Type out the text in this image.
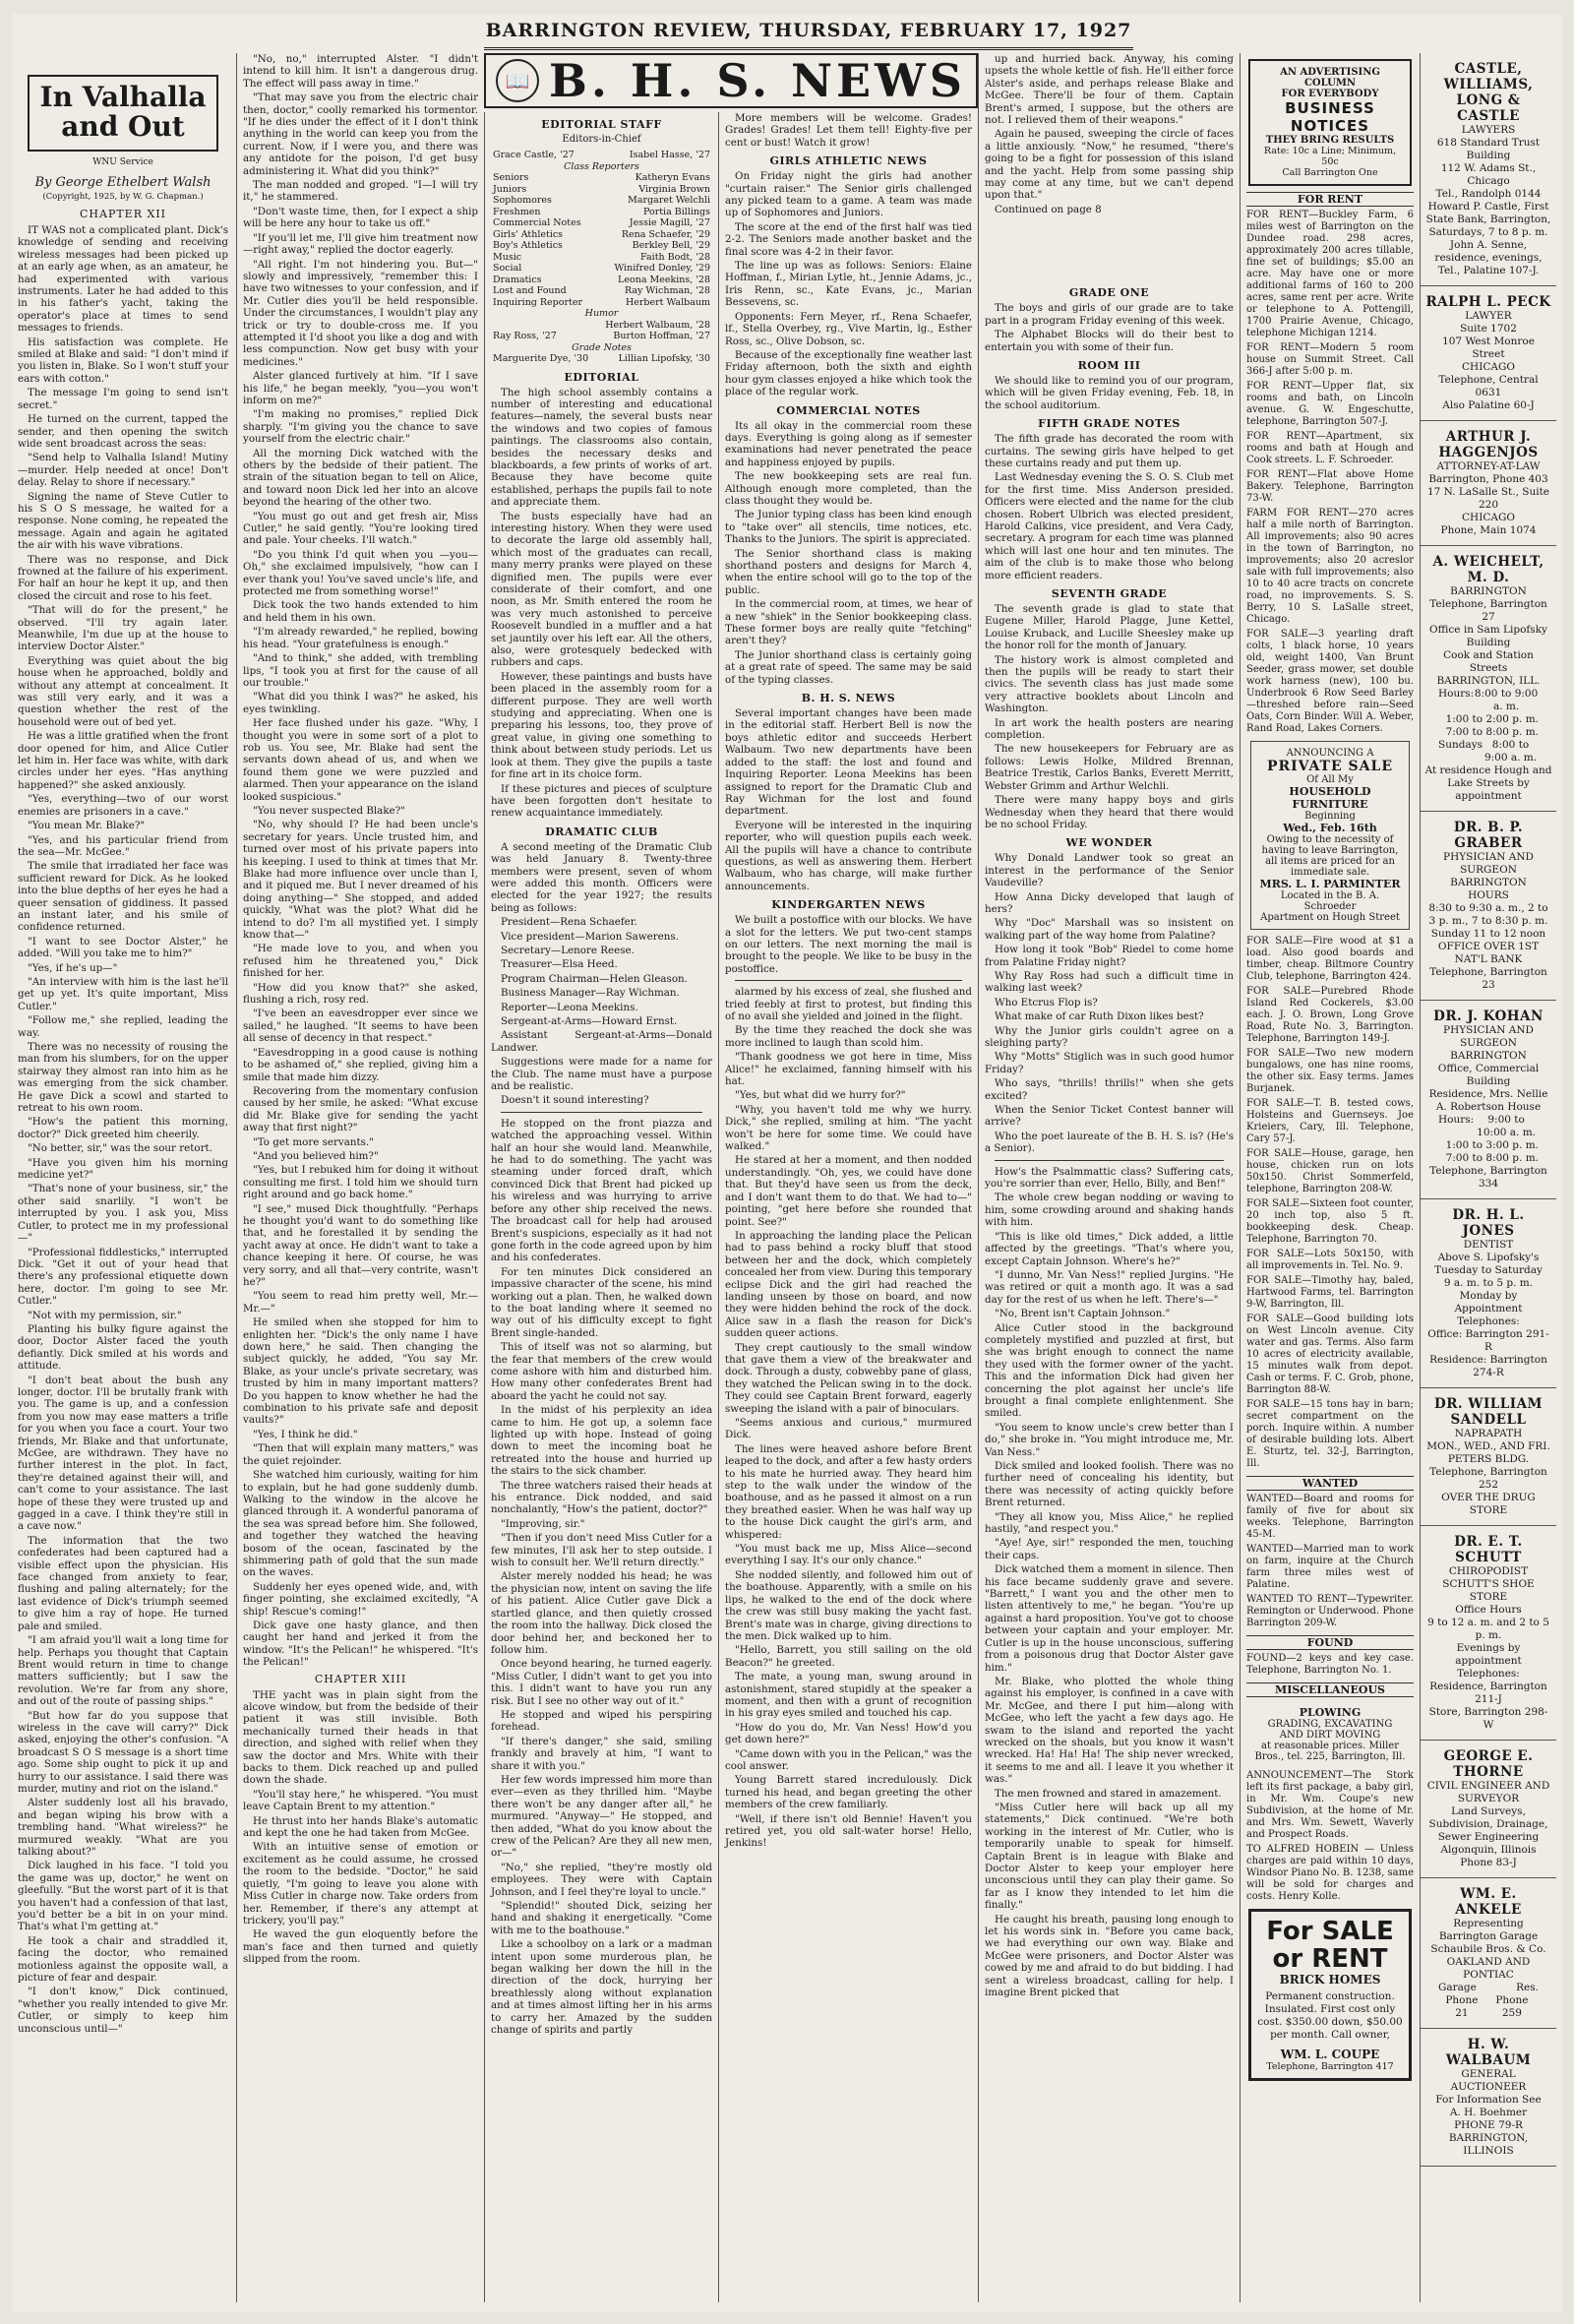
BARRINGTON REVIEW, THURSDAY, FEBRUARY 17, 1927
In Valhalla and Out
WNU Service
By George Ethelbert Walsh
(Copyright, 1925, by W. G. Chapman.)
CHAPTER XII

IT WAS not a complicated plant. Dick's knowledge of sending and receiving wireless messages had been picked up at an early age when, as an amateur, he had experimented with various instruments. Later he had added to this in his father's yacht, taking the operator's place at times to send messages to friends.

His satisfaction was complete. He smiled at Blake and said: "I don't mind if you listen in, Blake. So I won't stuff your ears with cotton."

The message I'm going to send isn't secret."

He turned on the current, tapped the sender, and then opening the switch wide sent broadcast across the seas:

"Send help to Valhalla Island! Mutiny—murder. Help needed at once! Don't delay. Relay to shore if necessary."

Signing the name of Steve Cutler to his S O S message, he waited for a response. None coming, he repeated the message. Again and again he agitated the air with his wave vibrations.

There was no response, and Dick frowned at the failure of his experiment. For half an hour he kept it up, and then closed the circuit and rose to his feet.

"That will do for the present," he observed. "I'll try again later. Meanwhile, I'm due up at the house to interview Doctor Alster."

Everything was quiet about the big house when he approached, boldly and without any attempt at concealment. It was still very early, and it was a question whether the rest of the household were out of bed yet.

He was a little gratified when the front door opened for him, and Alice Cutler let him in. Her face was white, with dark circles under her eyes. "Has anything happened?" she asked anxiously.

"Yes, everything—two of our worst enemies are prisoners in a cave."

"You mean Mr. Blake?"

"Yes, and his particular friend from the sea—Mr. McGee."

The smile that irradiated her face was sufficient reward for Dick. As he looked into the blue depths of her eyes he had a queer sensation of giddiness. It passed an instant later, and his smile of confidence returned.

"I want to see Doctor Alster," he added. "Will you take me to him?"

"Yes, if he's up—"

"An interview with him is the last he'll get up yet. It's quite important, Miss Cutler."

"Follow me," she replied, leading the way.

There was no necessity of rousing the man from his slumbers, for on the upper stairway they almost ran into him as he was emerging from the sick chamber. He gave Dick a scowl and started to retreat to his own room.

"How's the patient this morning, doctor?" Dick greeted him cheerily.

"No better, sir," was the sour retort.

"Have you given him his morning medicine yet?"

"That's none of your business, sir," the other said snarlily. "I won't be interrupted by you. I ask you, Miss Cutler, to protect me in my professional—"

"Professional fiddlesticks," interrupted Dick. "Get it out of your head that there's any professional etiquette down here, doctor. I'm going to see Mr. Cutler."

"Not with my permission, sir."

Planting his bulky figure against the door, Doctor Alster faced the youth defiantly. Dick smiled at his words and attitude.

"I don't beat about the bush any longer, doctor. I'll be brutally frank with you. The game is up, and a confession from you now may ease matters a trifle for you when you face a court. Your two friends, Mr. Blake and that unfortunate, McGee, are withdrawn. They have no further interest in the plot. In fact, they're detained against their will, and can't come to your assistance. The last hope of these they were trusted up and gagged in a cave. I think they're still in a cave now."

The information that the two confederates had been captured had a visible effect upon the physician. His face changed from anxiety to fear, flushing and paling alternately; for the last evidence of Dick's triumph seemed to give him a ray of hope. He turned pale and smiled.

"I am afraid you'll wait a long time for help. Perhaps you thought that Captain Brent would return in time to change matters sufficiently; but I saw the revolution. We're far from any shore, and out of the route of passing ships."

"But how far do you suppose that wireless in the cave will carry?" Dick asked, enjoying the other's confusion. "A broadcast S O S message is a short time ago. Some ship ought to pick it up and hurry to our assistance. I said there was murder, mutiny and riot on the island."

Alster suddenly lost all his bravado, and began wiping his brow with a trembling hand. "What wireless?" he murmured weakly. "What are you talking about?"

Dick laughed in his face. "I told you the game was up, doctor," he went on gleefully. "But the worst part of it is that you haven't had a confession of that last, you'd better be a bit in on your mind. That's what I'm getting at."

He took a chair and straddled it, facing the doctor, who remained motionless against the opposite wall, a picture of fear and despair.

"I don't know," Dick continued, "whether you really intended to give Mr. Cutler, or simply to keep him unconscious until—"

"No, no," interrupted Alster. "I didn't intend to kill him. It isn't a dangerous drug. The effect will pass away in time."

"That may save you from the electric chair then, doctor," coolly remarked his tormentor. "If he dies under the effect of it I don't think anything in the world can keep you from the current. Now, if I were you, and there was any antidote for the poison, I'd get busy administering it. What did you think?"

The man nodded and groped. "I—I will try it," he stammered.

"Don't waste time, then, for I expect a ship will be here any hour to take us off."

"If you'll let me, I'll give him treatment now—right away," replied the doctor eagerly.

"All right. I'm not hindering you. But—" slowly and impressively, "remember this: I have two witnesses to your confession, and if Mr. Cutler dies you'll be held responsible. Under the circumstances, I wouldn't play any trick or try to double-cross me. If you attempted it I'd shoot you like a dog and with less compunction. Now get busy with your medicines."

Alster glanced furtively at him. "If I save his life," he began meekly, "you—you won't inform on me?"

"I'm making no promises," replied Dick sharply. "I'm giving you the chance to save yourself from the electric chair."

All the morning Dick watched with the others by the bedside of their patient. The strain of the situation began to tell on Alice, and toward noon Dick led her into an alcove beyond the hearing of the other two.

"You must go out and get fresh air, Miss Cutler," he said gently. "You're looking tired and pale. Your cheeks. I'll watch."

"Do you think I'd quit when you —you—Oh," she exclaimed impulsively, "how can I ever thank you! You've saved uncle's life, and protected me from something worse!"

Dick took the two hands extended to him and held them in his own.

"I'm already rewarded," he replied, bowing his head. "Your gratefulness is enough."

"And to think," she added, with trembling lips, "I took you at first for the cause of all our trouble."

"What did you think I was?" he asked, his eyes twinkling.

Her face flushed under his gaze. "Why, I thought you were in some sort of a plot to rob us. You see, Mr. Blake had sent the servants down ahead of us, and when we found them gone we were puzzled and alarmed. Then your appearance on the island looked suspicious."

"You never suspected Blake?"

"No, why should I? He had been uncle's secretary for years. Uncle trusted him, and turned over most of his private papers into his keeping. I used to think at times that Mr. Blake had more influence over uncle than I, and it piqued me. But I never dreamed of his doing anything—" She stopped, and added quickly, "What was the plot? What did he intend to do? I'm all mystified yet. I simply know that—"

"He made love to you, and when you refused him he threatened you," Dick finished for her.

"How did you know that?" she asked, flushing a rich, rosy red.

"I've been an eavesdropper ever since we sailed," he laughed. "It seems to have been all sense of decency in that respect."

"Eavesdropping in a good cause is nothing to be ashamed of," she replied, giving him a smile that made him dizzy.

Recovering from the momentary confusion caused by her smile, he asked: "What excuse did Mr. Blake give for sending the yacht away that first night?"

"To get more servants."

"And you believed him?"

"Yes, but I rebuked him for doing it without consulting me first. I told him we should turn right around and go back home."

"I see," mused Dick thoughtfully. "Perhaps he thought you'd want to do something like that, and he forestalled it by sending the yacht away at once. He didn't want to take a chance keeping it here. Of course, he was very sorry, and all that—very contrite, wasn't he?"

"You seem to read him pretty well, Mr.—Mr.—"

He smiled when she stopped for him to enlighten her. "Dick's the only name I have down here," he said. Then changing the subject quickly, he added, "You say Mr. Blake, as your uncle's private secretary, was trusted by him in many important matters? Do you happen to know whether he had the combination to his private safe and deposit vaults?"

"Yes, I think he did."

"Then that will explain many matters," was the quiet rejoinder.

She watched him curiously, waiting for him to explain, but he had gone suddenly dumb. Walking to the window in the alcove he glanced through it. A wonderful panorama of the sea was spread before him. She followed, and together they watched the heaving bosom of the ocean, fascinated by the shimmering path of gold that the sun made on the waves.

Suddenly her eyes opened wide, and, with finger pointing, she exclaimed excitedly, "A ship! Rescue's coming!"

Dick gave one hasty glance, and then caught her hand and jerked it from the window. "It's the Pelican!" he whispered. "It's the Pelican!"

CHAPTER XIII

THE yacht was in plain sight from the alcove window, but from the bedside of their patient it was still invisible. Both mechanically turned their heads in that direction, and sighed with relief when they saw the doctor and Mrs. White with their backs to them. Dick reached up and pulled down the shade.

"You'll stay here," he whispered. "You must leave Captain Brent to my attention."

He thrust into her hands Blake's automatic and kept the one he had taken from McGee.

With an intuitive sense of emotion or excitement as he could assume, he crossed the room to the bedside. "Doctor," he said quietly, "I'm going to leave you alone with Miss Cutler in charge now. Take orders from her. Remember, if there's any attempt at trickery, you'll pay."

He waved the gun eloquently before the man's face and then turned and quietly slipped from the room.

📖 B. H. S. NEWS
EDITORIAL STAFF
Editors-in-Chief
Grace Castle, '27	Isabel Hasse, '27
Class Reporters	
Seniors	Katheryn Evans
Juniors	Virginia Brown
Sophomores	Margaret Welchli
Freshmen	Portia Billings
Commercial Notes	Jessie Magill, '27
Girls' Athletics	Rena Schaefer, '29
Boy's Athletics	Berkley Bell, '29
Music	Faith Bodt, '28
Social	Winifred Donley, '29
Dramatics	Leona Meekins, '28
Lost and Found	Ray Wichman, '28
Inquiring Reporter	Herbert Walbaum
Humor	
	Herbert Walbaum, '28
Ray Ross, '27	Burton Hoffman, '27
Grade Notes	
Marguerite Dye, '30	Lillian Lipofsky, '30
EDITORIAL

The high school assembly contains a number of interesting and educational features—namely, the several busts near the windows and two copies of famous paintings. The classrooms also contain, besides the necessary desks and blackboards, a few prints of works of art. Because they have become quite established, perhaps the pupils fail to note and appreciate them.

The busts especially have had an interesting history. When they were used to decorate the large old assembly hall, which most of the graduates can recall, many merry pranks were played on these dignified men. The pupils were ever considerate of their comfort, and one noon, as Mr. Smith entered the room he was very much astonished to perceive Roosevelt bundled in a muffler and a hat set jauntily over his left ear. All the others, also, were grotesquely bedecked with rubbers and caps.

However, these paintings and busts have been placed in the assembly room for a different purpose. They are well worth studying and appreciating. When one is preparing his lessons, too, they prove of great value, in giving one something to think about between study periods. Let us look at them. They give the pupils a taste for fine art in its choice form.

If these pictures and pieces of sculpture have been forgotten don't hesitate to renew acquaintance immediately.

DRAMATIC CLUB

A second meeting of the Dramatic Club was held January 8. Twenty-three members were present, seven of whom were added this month. Officers were elected for the year 1927; the results being as follows:

President—Rena Schaefer.

Vice president—Marion Sawerens.

Secretary—Lenore Reese.

Treasurer—Elsa Heed.

Program Chairman—Helen Gleason.

Business Manager—Ray Wichman.

Reporter—Leona Meekins.

Sergeant-at-Arms—Howard Ernst.

Assistant Sergeant-at-Arms—Donald Landwer.

Suggestions were made for a name for the Club. The name must have a purpose and be realistic.

Doesn't it sound interesting?

He stopped on the front piazza and watched the approaching vessel. Within half an hour she would land. Meanwhile, he had to do something. The yacht was steaming under forced draft, which convinced Dick that Brent had picked up his wireless and was hurrying to arrive before any other ship received the news. The broadcast call for help had aroused Brent's suspicions, especially as it had not gone forth in the code agreed upon by him and his confederates.

For ten minutes Dick considered an impassive character of the scene, his mind working out a plan. Then, he walked down to the boat landing where it seemed no way out of his difficulty except to fight Brent single-handed.

This of itself was not so alarming, but the fear that members of the crew would come ashore with him and disturbed him. How many other confederates Brent had aboard the yacht he could not say.

In the midst of his perplexity an idea came to him. He got up, a solemn face lighted up with hope. Instead of going down to meet the incoming boat he retreated into the house and hurried up the stairs to the sick chamber.

The three watchers raised their heads at his entrance. Dick nodded, and said nonchalantly, "How's the patient, doctor?"

"Improving, sir."

"Then if you don't need Miss Cutler for a few minutes, I'll ask her to step outside. I wish to consult her. We'll return directly."

Alster merely nodded his head; he was the physician now, intent on saving the life of his patient. Alice Cutler gave Dick a startled glance, and then quietly crossed the room into the hallway. Dick closed the door behind her, and beckoned her to follow him.

Once beyond hearing, he turned eagerly. "Miss Cutler, I didn't want to get you into this. I didn't want to have you run any risk. But I see no other way out of it."

He stopped and wiped his perspiring forehead.

"If there's danger," she said, smiling frankly and bravely at him, "I want to share it with you."

Her few words impressed him more than ever—even as they thrilled him. "Maybe there won't be any danger after all," he murmured. "Anyway—" He stopped, and then added, "What do you know about the crew of the Pelican? Are they all new men, or—"

"No," she replied, "they're mostly old employees. They were with Captain Johnson, and I feel they're loyal to uncle."

"Splendid!" shouted Dick, seizing her hand and shaking it energetically. "Come with me to the boathouse."

Like a schoolboy on a lark or a madman intent upon some murderous plan, he began walking her down the hill in the direction of the dock, hurrying her breathlessly along without explanation and at times almost lifting her in his arms to carry her. Amazed by the sudden change of spirits and partly

More members will be welcome. Grades! Grades! Grades! Let them tell! Eighty-five per cent or bust! Watch it grow!

GIRLS ATHLETIC NEWS

On Friday night the girls had another "curtain raiser." The Senior girls challenged any picked team to a game. A team was made up of Sophomores and Juniors.

The score at the end of the first half was tied 2-2. The Seniors made another basket and the final score was 4-2 in their favor.

The line up was as follows: Seniors: Elaine Hoffman, f., Mirian Lytle, ht., Jennie Adams, jc., Iris Renn, sc., Kate Evans, jc., Marian Bessevens, sc.

Opponents: Fern Meyer, rf., Rena Schaefer, lf., Stella Overbey, rg., Vive Martin, lg., Esther Ross, sc., Olive Dobson, sc.

Because of the exceptionally fine weather last Friday afternoon, both the sixth and eighth hour gym classes enjoyed a hike which took the place of the regular work.

COMMERCIAL NOTES

Its all okay in the commercial room these days. Everything is going along as if semester examinations had never penetrated the peace and happiness enjoyed by pupils.

The new bookkeeping sets are real fun. Although enough more completed, than the class thought they would be.

The Junior typing class has been kind enough to "take over" all stencils, time notices, etc. Thanks to the Juniors. The spirit is appreciated.

The Senior shorthand class is making shorthand posters and designs for March 4, when the entire school will go to the top of the public.

In the commercial room, at times, we hear of a new "shiek" in the Senior bookkeeping class. These former boys are really quite "fetching" aren't they?

The Junior shorthand class is certainly going at a great rate of speed. The same may be said of the typing classes.

B. H. S. NEWS

Several important changes have been made in the editorial staff. Herbert Bell is now the boys athletic editor and succeeds Herbert Walbaum. Two new departments have been added to the staff: the lost and found and Inquiring Reporter. Leona Meekins has been assigned to report for the Dramatic Club and Ray Wichman for the lost and found department.

Everyone will be interested in the inquiring reporter, who will question pupils each week. All the pupils will have a chance to contribute questions, as well as answering them. Herbert Walbaum, who has charge, will make further announcements.

KINDERGARTEN NEWS

We built a postoffice with our blocks. We have a slot for the letters. We put two-cent stamps on our letters. The next morning the mail is brought to the people. We like to be busy in the postoffice.

alarmed by his excess of zeal, she flushed and tried feebly at first to protest, but finding this of no avail she yielded and joined in the flight.

By the time they reached the dock she was more inclined to laugh than scold him.

"Thank goodness we got here in time, Miss Alice!" he exclaimed, fanning himself with his hat.

"Yes, but what did we hurry for?"

"Why, you haven't told me why we hurry. Dick," she replied, smiling at him. "The yacht won't be here for some time. We could have walked."

He stared at her a moment, and then nodded understandingly. "Oh, yes, we could have done that. But they'd have seen us from the deck, and I don't want them to do that. We had to—" pointing, "get here before she rounded that point. See?"

In approaching the landing place the Pelican had to pass behind a rocky bluff that stood between her and the dock, which completely concealed her from view. During this temporary eclipse Dick and the girl had reached the landing unseen by those on board, and now they were hidden behind the rock of the dock. Alice saw in a flash the reason for Dick's sudden queer actions.

They crept cautiously to the small window that gave them a view of the breakwater and dock. Through a dusty, cobwebby pane of glass, they watched the Pelican swing in to the dock. They could see Captain Brent forward, eagerly sweeping the island with a pair of binoculars.

"Seems anxious and curious," murmured Dick.

The lines were heaved ashore before Brent leaped to the dock, and after a few hasty orders to his mate he hurried away. They heard him step to the walk under the window of the boathouse, and as he passed it almost on a run they breathed easier. When he was half way up to the house Dick caught the girl's arm, and whispered:

"You must back me up, Miss Alice—second everything I say. It's our only chance."

She nodded silently, and followed him out of the boathouse. Apparently, with a smile on his lips, he walked to the end of the dock where the crew was still busy making the yacht fast. Brent's mate was in charge, giving directions to the men. Dick walked up to him.

"Hello, Barrett, you still sailing on the old Beacon?" he greeted.

The mate, a young man, swung around in astonishment, stared stupidly at the speaker a moment, and then with a grunt of recognition in his gray eyes smiled and touched his cap.

"How do you do, Mr. Van Ness! How'd you get down here?"

"Came down with you in the Pelican," was the cool answer.

Young Barrett stared incredulously. Dick turned his head, and began greeting the other members of the crew familiarly.

"Well, if there isn't old Bennie! Haven't you retired yet, you old salt-water horse! Hello, Jenkins!

up and hurried back. Anyway, his coming upsets the whole kettle of fish. He'll either force Alster's aside, and perhaps release Blake and McGee. There'll be four of them. Captain Brent's armed, I suppose, but the others are not. I relieved them of their weapons."

Again he paused, sweeping the circle of faces a little anxiously. "Now," he resumed, "there's going to be a fight for possession of this island and the yacht. Help from some passing ship may come at any time, but we can't depend upon that."

Continued on page 8

GRADE ONE

The boys and girls of our grade are to take part in a program Friday evening of this week.

The Alphabet Blocks will do their best to entertain you with some of their fun.

ROOM III

We should like to remind you of our program, which will be given Friday evening, Feb. 18, in the school auditorium.

FIFTH GRADE NOTES

The fifth grade has decorated the room with curtains. The sewing girls have helped to get these curtains ready and put them up.

Last Wednesday evening the S. O. S. Club met for the first time. Miss Anderson presided. Officers were elected and the name for the club chosen. Robert Ulbrich was elected president, Harold Calkins, vice president, and Vera Cady, secretary. A program for each time was planned which will last one hour and ten minutes. The aim of the club is to make those who belong more efficient readers.

SEVENTH GRADE

The seventh grade is glad to state that Eugene Miller, Harold Plagge, June Kettel, Louise Kruback, and Lucille Sheesley make up the honor roll for the month of January.

The history work is almost completed and then the pupils will be ready to start their civics. The seventh class has just made some very attractive booklets about Lincoln and Washington.

In art work the health posters are nearing completion.

The new housekeepers for February are as follows: Lewis Holke, Mildred Brennan, Beatrice Trestik, Carlos Banks, Everett Merritt, Webster Grimm and Arthur Welchli.

There were many happy boys and girls Wednesday when they heard that there would be no school Friday.

WE WONDER

Why Donald Landwer took so great an interest in the performance of the Senior Vaudeville?

How Anna Dicky developed that laugh of hers?

Why "Doc" Marshall was so insistent on walking part of the way home from Palatine?

How long it took "Bob" Riedel to come home from Palatine Friday night?

Why Ray Ross had such a difficult time in walking last week?

Who Etcrus Flop is?

What make of car Ruth Dixon likes best?

Why the Junior girls couldn't agree on a sleighing party?

Why "Motts" Stiglich was in such good humor Friday?

Who says, "thrills! thrills!" when she gets excited?

When the Senior Ticket Contest banner will arrive?

Who the poet laureate of the B. H. S. is? (He's a Senior).

How's the Psalmmattic class? Suffering cats, you're sorrier than ever, Hello, Billy, and Ben!"

The whole crew began nodding or waving to him, some crowding around and shaking hands with him.

"This is like old times," Dick added, a little affected by the greetings. "That's where you, except Captain Johnson. Where's he?"

"I dunno, Mr. Van Ness!" replied Jurgins. "He was retired or quit a month ago. It was a sad day for the rest of us when he left. There's—"

"No, Brent isn't Captain Johnson."

Alice Cutler stood in the background completely mystified and puzzled at first, but she was bright enough to connect the name they used with the former owner of the yacht. This and the information Dick had given her concerning the plot against her uncle's life brought a final complete enlightenment. She smiled.

"You seem to know uncle's crew better than I do," she broke in. "You might introduce me, Mr. Van Ness."

Dick smiled and looked foolish. There was no further need of concealing his identity, but there was necessity of acting quickly before Brent returned.

"They all know you, Miss Alice," he replied hastily, "and respect you."

"Aye! Aye, sir!" responded the men, touching their caps.

Dick watched them a moment in silence. Then his face became suddenly grave and severe. "Barrett," I want you and the other men to listen attentively to me," he began. "You're up against a hard proposition. You've got to choose between your captain and your employer. Mr. Cutler is up in the house unconscious, suffering from a poisonous drug that Doctor Alster gave him."

Mr. Blake, who plotted the whole thing against his employer, is confined in a cave with Mr. McGee, and there I put him—along with McGee, who left the yacht a few days ago. He swam to the island and reported the yacht wrecked on the shoals, but you know it wasn't wrecked. Ha! Ha! Ha! The ship never wrecked, it seems to me and all. I leave it you whether it was."

The men frowned and stared in amazement.

"Miss Cutler here will back up all my statements," Dick continued. "We're both working in the interest of Mr. Cutler, who is temporarily unable to speak for himself. Captain Brent is in league with Blake and Doctor Alster to keep your employer here unconscious until they can play their game. So far as I know they intended to let him die finally."

He caught his breath, pausing long enough to let his words sink in. "Before you came back, we had everything our own way. Blake and McGee were prisoners, and Doctor Alster was cowed by me and afraid to do but bidding. I had sent a wireless broadcast, calling for help. I imagine Brent picked that

AN ADVERTISING COLUMN
FOR EVERYBODY
BUSINESS NOTICES
THEY BRING RESULTS
Rate: 10c a Line; Minimum, 50c
Call Barrington One
FOR RENT

FOR RENT—Buckley Farm, 6 miles west of Barrington on the Dundee road. 298 acres, approximately 200 acres tillable, fine set of buildings; $5.00 an acre. May have one or more additional farms of 160 to 200 acres, same rent per acre. Write or telephone to A. Pottengill, 1700 Prairie Avenue, Chicago, telephone Michigan 1214.

FOR RENT—Modern 5 room house on Summit Street. Call 366-J after 5:00 p. m.

FOR RENT—Upper flat, six rooms and bath, on Lincoln avenue. G. W. Engeschutte, telephone, Barrington 507-J.

FOR RENT—Apartment, six rooms and bath at Hough and Cook streets. L. F. Schroeder.

FOR RENT—Flat above Home Bakery. Telephone, Barrington 73-W.

FARM FOR RENT—270 acres half a mile north of Barrington. All improvements; also 90 acres in the town of Barrington, no improvements; also 20 acreslor sale with full improvements; also 10 to 40 acre tracts on concrete road, no improvements. S. S. Berry, 10 S. LaSalle street, Chicago.

FOR SALE—3 yearling draft colts, 1 black horse, 10 years old, weight 1400, Van Brunt Seeder, grass mower, set double work harness (new), 100 bu. Underbrook 6 Row Seed Barley—threshed before rain—Seed Oats, Corn Binder. Will A. Weber, Rand Road, Lakes Corners.

ANNOUNCING A
PRIVATE SALE
Of All My
HOUSEHOLD FURNITURE
Beginning
Wed., Feb. 16th
Owing to the necessity of having to leave Barrington, all items are priced for an immediate sale.
MRS. L. I. PARMINTER
Located in the B. A. Schroeder
Apartment on Hough Street

FOR SALE—Fire wood at $1 a load. Also good boards and timber, cheap. Biltmore Country Club, telephone, Barrington 424.

FOR SALE—Purebred Rhode Island Red Cockerels, $3.00 each. J. O. Brown, Long Grove Road, Rute No. 3, Barrington. Telephone, Barrington 149-J.

FOR SALE—Two new modern bungalows, one has nine rooms, the other six. Easy terms. James Burjanek.

FOR SALE—T. B. tested cows, Holsteins and Guernseys. Joe Krieiers, Cary, Ill. Telephone, Cary 57-J.

FOR SALE—House, garage, hen house, chicken run on lots 50x150. Christ Sommerfeld, telephone, Barrington 208-W.

FOR SALE—Sixteen foot counter, 20 inch top, also 5 ft. bookkeeping desk. Cheap. Telephone, Barrington 70.

FOR SALE—Lots 50x150, with all improvements in. Tel. No. 9.

FOR SALE—Timothy hay, baled, Hartwood Farms, tel. Barrington 9-W, Barrington, Ill.

FOR SALE—Good building lots on West Lincoln avenue. City water and gas. Terms. Also farm 10 acres of electricity available, 15 minutes walk from depot. Cash or terms. F. C. Grob, phone, Barrington 88-W.

FOR SALE—15 tons hay in barn; secret compartment on the porch. Inquire within. A number of desirable building lots. Albert E. Sturtz, tel. 32-J, Barrington, Ill.

WANTED

WANTED—Board and rooms for family of five for about six weeks. Telephone, Barrington 45-M.

WANTED—Married man to work on farm, inquire at the Church farm three miles west of Palatine.

WANTED TO RENT—Typewriter. Remington or Underwood. Phone Barrington 209-W.

FOUND

FOUND—2 keys and key case. Telephone, Barrington No. 1.

MISCELLANEOUS
PLOWING
GRADING, EXCAVATING
AND DIRT MOVING
at reasonable prices. Miller Bros., tel. 225, Barrington, Ill.

ANNOUNCEMENT—The Stork left its first package, a baby girl, in Mr. Wm. Coupe's new Subdivision, at the home of Mr. and Mrs. Wm. Sewett, Waverly and Prospect Roads.

TO ALFRED HOBEIN — Unless charges are paid within 10 days, Windsor Piano No. B. 1238, same will be sold for charges and costs. Henry Kolle.

For SALE
or RENT
BRICK HOMES
Permanent construction. Insulated. First cost only cost. $350.00 down, $50.00 per month. Call owner,
WM. L. COUPE
Telephone, Barrington 417
CASTLE, WILLIAMS, LONG & CASTLE
LAWYERS
618 Standard Trust Building
112 W. Adams St., Chicago
Tel., Randolph 0144
Howard P. Castle, First State Bank, Barrington, Saturdays, 7 to 8 p. m.
John A. Senne, residence, evenings, Tel., Palatine 107-J.
RALPH L. PECK
LAWYER
Suite 1702
107 West Monroe Street
CHICAGO
Telephone, Central 0631
Also Palatine 60-J
ARTHUR J. HAGGENJOS
ATTORNEY-AT-LAW
Barrington, Phone 403
17 N. LaSalle St., Suite 220
CHICAGO
Phone, Main 1074
A. WEICHELT, M. D.
BARRINGTON
Telephone, Barrington 27
Office in Sam Lipofsky Building
Cook and Station Streets
BARRINGTON, ILL.
Hours: 8:00 to 9:00 a. m.
1:00 to 2:00 p. m.
7:00 to 8:00 p. m.
Sundays 8:00 to 9:00 a. m.
At residence Hough and Lake Streets by appointment
DR. B. P. GRABER
PHYSICIAN AND SURGEON
BARRINGTON
HOURS
8:30 to 9:30 a. m., 2 to 3 p. m., 7 to 8:30 p. m.
Sunday 11 to 12 noon
OFFICE OVER 1ST NAT'L BANK
Telephone, Barrington 23
DR. J. KOHAN
PHYSICIAN AND SURGEON
BARRINGTON
Office, Commercial Building
Residence, Mrs. Nellie A. Robertson House
Hours:	9:00 to 10:00 a. m.
1:00 to 3:00 p. m.
7:00 to 8:00 p. m.
Telephone, Barrington 334
DR. H. L. JONES
DENTIST
Above S. Lipofsky's
Tuesday to Saturday
9 a. m. to 5 p. m.
Monday by Appointment
Telephones:
Office: Barrington 291-R
Residence: Barrington 274-R
DR. WILLIAM SANDELL
NAPRAPATH
MON., WED., AND FRI.
PETERS BLDG.
Telephone, Barrington 252
OVER THE DRUG STORE
DR. E. T. SCHUTT
CHIROPODIST
SCHUTT'S SHOE STORE
Office Hours
9 to 12 a. m. and 2 to 5 p. m.
Evenings by appointment
Telephones:
Residence, Barrington 211-J
Store, Barrington 298-W
GEORGE E. THORNE
CIVIL ENGINEER AND SURVEYOR
Land Surveys, Subdivision, Drainage, Sewer Engineering
Algonquin, Illinois
Phone 83-J
WM. E. ANKELE
Representing
Barrington Garage
Schaubile Bros. & Co.
OAKLAND AND PONTIAC
Garage	Res.
Phone 21
Phone 259
H. W. WALBAUM
GENERAL AUCTIONEER
For Information See
A. H. Boehmer
PHONE 79-R
BARRINGTON, ILLINOIS
